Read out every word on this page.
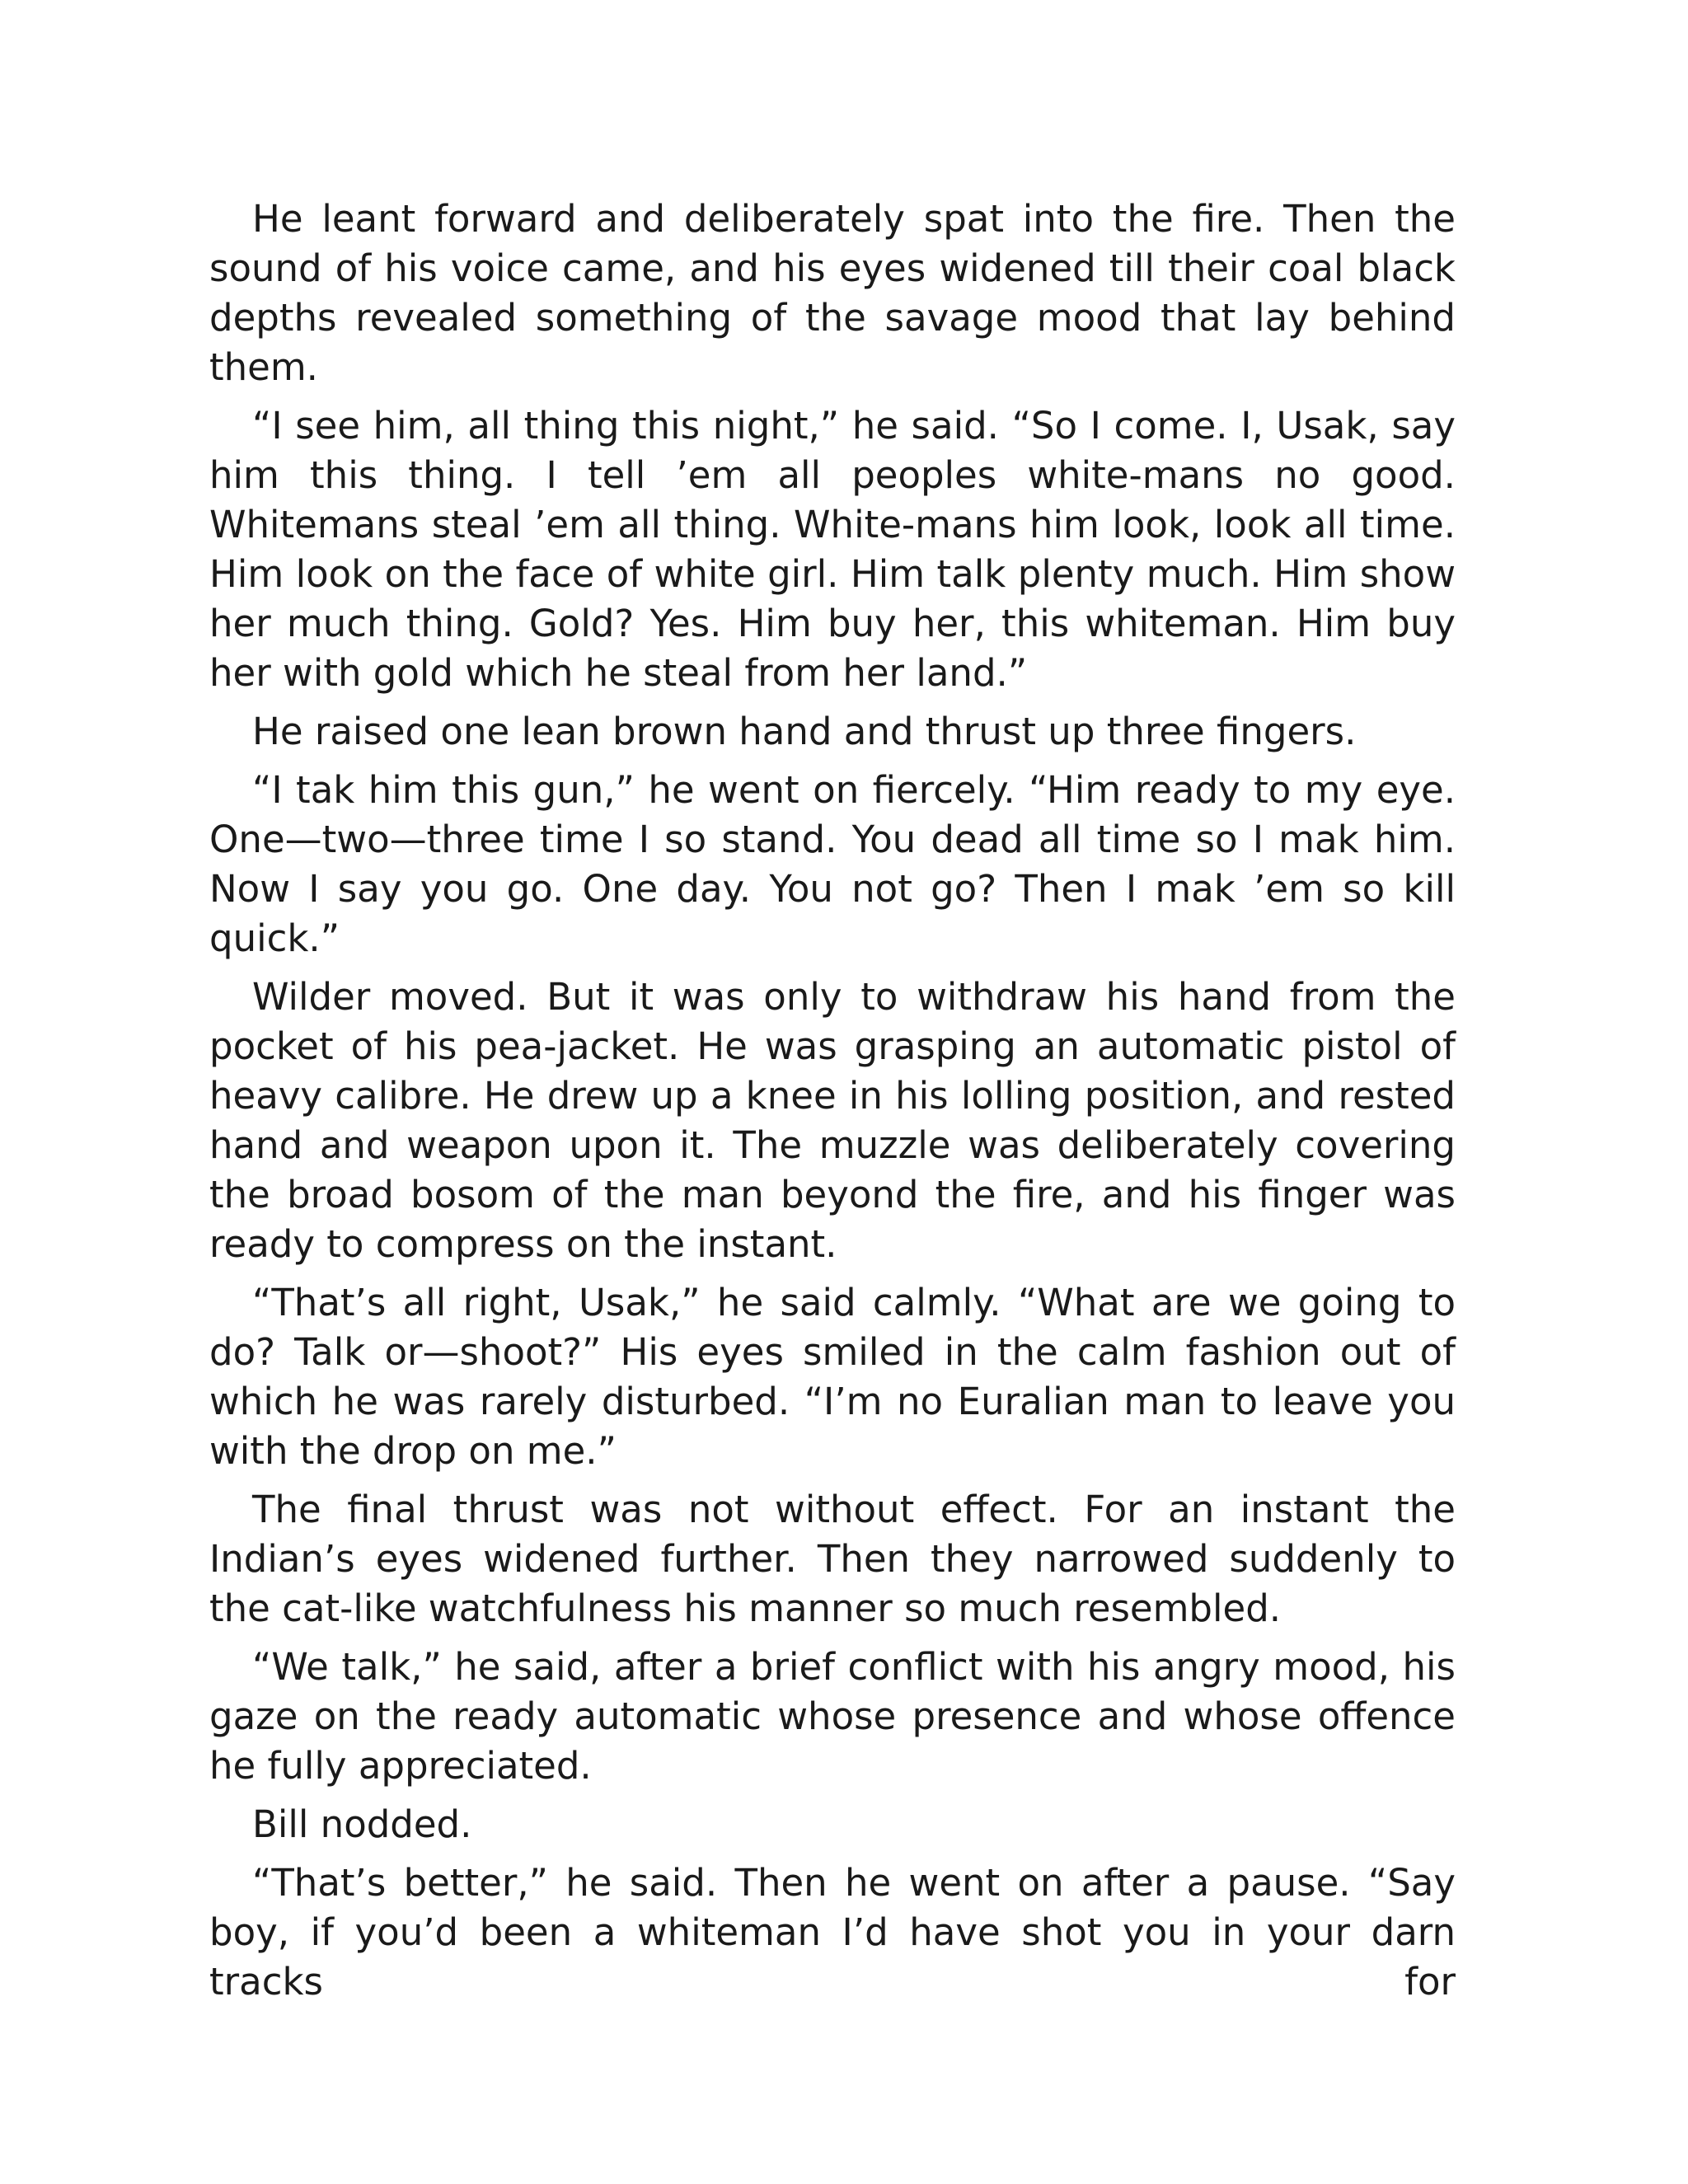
He leant forward and deliberately spat into the fire. Then the sound of his voice came, and his eyes widened till their coal black depths revealed something of the savage mood that lay behind them.

“I see him, all thing this night,” he said. “So I come. I, Usak, say him this thing. I tell ’em all peoples white-mans no good. Whitemans steal ’em all thing. White-mans him look, look all time. Him look on the face of white girl. Him talk plenty much. Him show her much thing. Gold? Yes. Him buy her, this whiteman. Him buy her with gold which he steal from her land.”

He raised one lean brown hand and thrust up three fingers.

“I tak him this gun,” he went on fiercely. “Him ready to my eye. One—two—three time I so stand. You dead all time so I mak him. Now I say you go. One day. You not go? Then I mak ’em so kill quick.”

Wilder moved. But it was only to withdraw his hand from the pocket of his pea-jacket. He was grasping an automatic pistol of heavy calibre. He drew up a knee in his lolling position, and rested hand and weapon upon it. The muzzle was deliberately covering the broad bosom of the man beyond the fire, and his finger was ready to compress on the instant.

“That’s all right, Usak,” he said calmly. “What are we going to do? Talk or—shoot?” His eyes smiled in the calm fashion out of which he was rarely disturbed. “I’m no Euralian man to leave you with the drop on me.”

The final thrust was not without effect. For an instant the Indian’s eyes widened further. Then they narrowed suddenly to the cat-like watchfulness his manner so much resembled.

“We talk,” he said, after a brief conflict with his angry mood, his gaze on the ready automatic whose presence and whose offence he fully appreciated.

Bill nodded.

“That’s better,” he said. Then he went on after a pause. “Say boy, if you’d been a whiteman I’d have shot you in your darn tracks for
